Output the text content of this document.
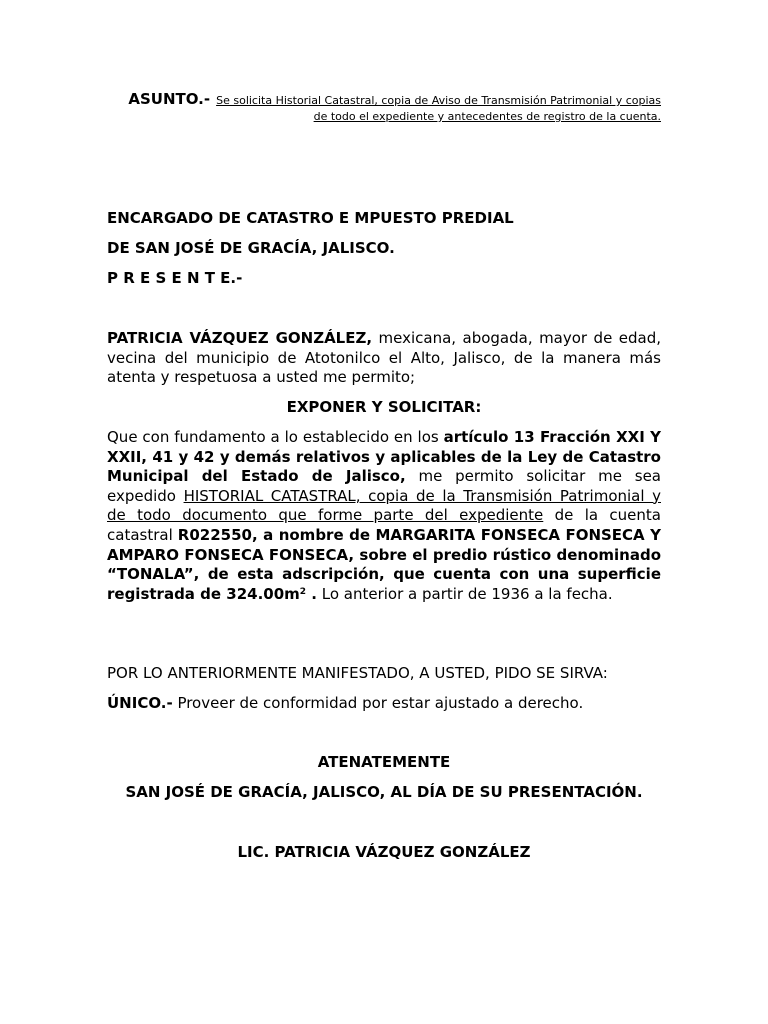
ASUNTO.- Se solicita Historial Catastral, copia de Aviso de Transmisión Patrimonial y copias
de todo el expediente y antecedentes de registro de la cuenta.
ENCARGADO DE CATASTRO E MPUESTO PREDIAL
DE SAN JOSÉ DE GRACÍA, JALISCO.
P R E S E N T E.-
PATRICIA VÁZQUEZ GONZÁLEZ, mexicana, abogada, mayor de edad, vecina del municipio de Atotonilco el Alto, Jalisco, de la manera más atenta y respetuosa a usted me permito;
EXPONER Y SOLICITAR:
Que con fundamento a lo establecido en los artículo 13 Fracción XXI Y XXII, 41 y 42 y demás relativos y aplicables de la Ley de Catastro Municipal del Estado de Jalisco, me permito solicitar me sea expedido HISTORIAL CATASTRAL, copia de la Transmisión Patrimonial y de todo documento que forme parte del expediente de la cuenta catastral R022550, a nombre de MARGARITA FONSECA FONSECA Y AMPARO FONSECA FONSECA, sobre el predio rústico denominado “TONALA”, de esta adscripción, que cuenta con una superficie registrada de $324.00m^2$ . Lo anterior a partir de 1936 a la fecha.
POR LO ANTERIORMENTE MANIFESTADO, A USTED, PIDO SE SIRVA:
ÚNICO.- Proveer de conformidad por estar ajustado a derecho.
ATENATEMENTE
SAN JOSÉ DE GRACÍA, JALISCO, AL DÍA DE SU PRESENTACIÓN.
LIC. PATRICIA VÁZQUEZ GONZÁLEZ
